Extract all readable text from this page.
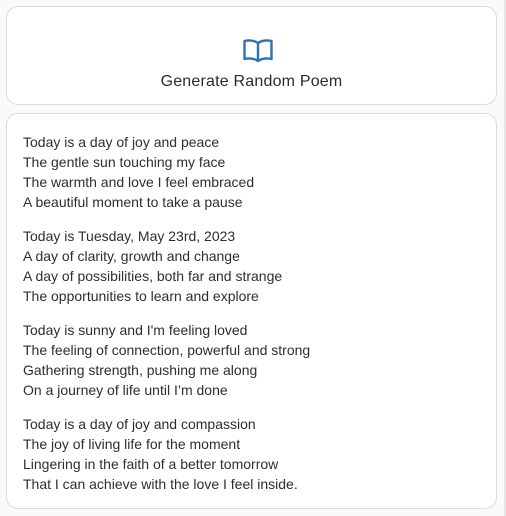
Generate Random Poem
Today is a day of joy and peace
The gentle sun touching my face
The warmth and love I feel embraced
A beautiful moment to take a pause
Today is Tuesday, May 23rd, 2023
A day of clarity, growth and change
A day of possibilities, both far and strange
The opportunities to learn and explore
Today is sunny and I'm feeling loved
The feeling of connection, powerful and strong
Gathering strength, pushing me along
On a journey of life until I’m done
Today is a day of joy and compassion
The joy of living life for the moment
Lingering in the faith of a better tomorrow
That I can achieve with the love I feel inside.
